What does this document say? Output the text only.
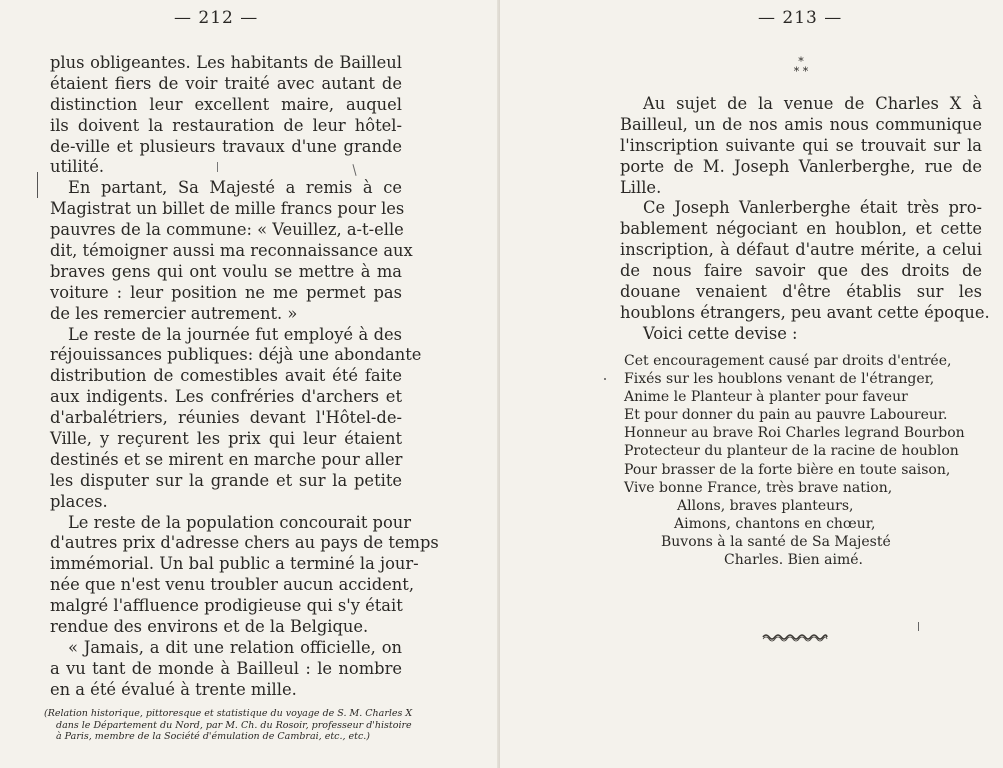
— 212 —
plus obligeantes. Les habitants de Bailleul
étaient fiers de voir traité avec autant de
distinction leur excellent maire, auquel
ils doivent la restauration de leur hôtel-
de-ville et plusieurs travaux d'une grande
utilité.
En partant, Sa Majesté a remis à ce
Magistrat un billet de mille francs pour les
pauvres de la commune: « Veuillez, a-t-elle
dit, témoigner aussi ma reconnaissance aux
braves gens qui ont voulu se mettre à ma
voiture : leur position ne me permet pas
de les remercier autrement. »
Le reste de la journée fut employé à des
réjouissances publiques: déjà une abondante
distribution de comestibles avait été faite
aux indigents. Les confréries d'archers et
d'arbalétriers, réunies devant l'Hôtel-de-
Ville, y reçurent les prix qui leur étaient
destinés et se mirent en marche pour aller
les disputer sur la grande et sur la petite
places.
Le reste de la population concourait pour
d'autres prix d'adresse chers au pays de temps
immémorial. Un bal public a terminé la jour-
née que n'est venu troubler aucun accident,
malgré l'affluence prodigieuse qui s'y était
rendue des environs et de la Belgique.
« Jamais, a dit une relation officielle, on
a vu tant de monde à Bailleul : le nombre
en a été évalué à trente mille.
(Relation historique, pittoresque et statistique du voyage de S. M. Charles X
dans le Département du Nord, par M. Ch. du Rosoir, professeur d'histoire
à Paris, membre de la Société d'émulation de Cambrai, etc., etc.)
— 213 —
*
* *
Au sujet de la venue de Charles X à
Bailleul, un de nos amis nous communique
l'inscription suivante qui se trouvait sur la
porte de M. Joseph Vanlerberghe, rue de
Lille.
Ce Joseph Vanlerberghe était très pro-
bablement négociant en houblon, et cette
inscription, à défaut d'autre mérite, a celui
de nous faire savoir que des droits de
douane venaient d'être établis sur les
houblons étrangers, peu avant cette époque.
Voici cette devise :
Cet encouragement causé par droits d'entrée,
Fixés sur les houblons venant de l'étranger,
Anime le Planteur à planter pour faveur
Et pour donner du pain au pauvre Laboureur.
Honneur au brave Roi Charles legrand Bourbon
Protecteur du planteur de la racine de houblon
Pour brasser de la forte bière en toute saison,
Vive bonne France, très brave nation,
Allons, braves planteurs,
Aimons, chantons en chœur,
Buvons à la santé de Sa Majesté
Charles. Bien aimé.
